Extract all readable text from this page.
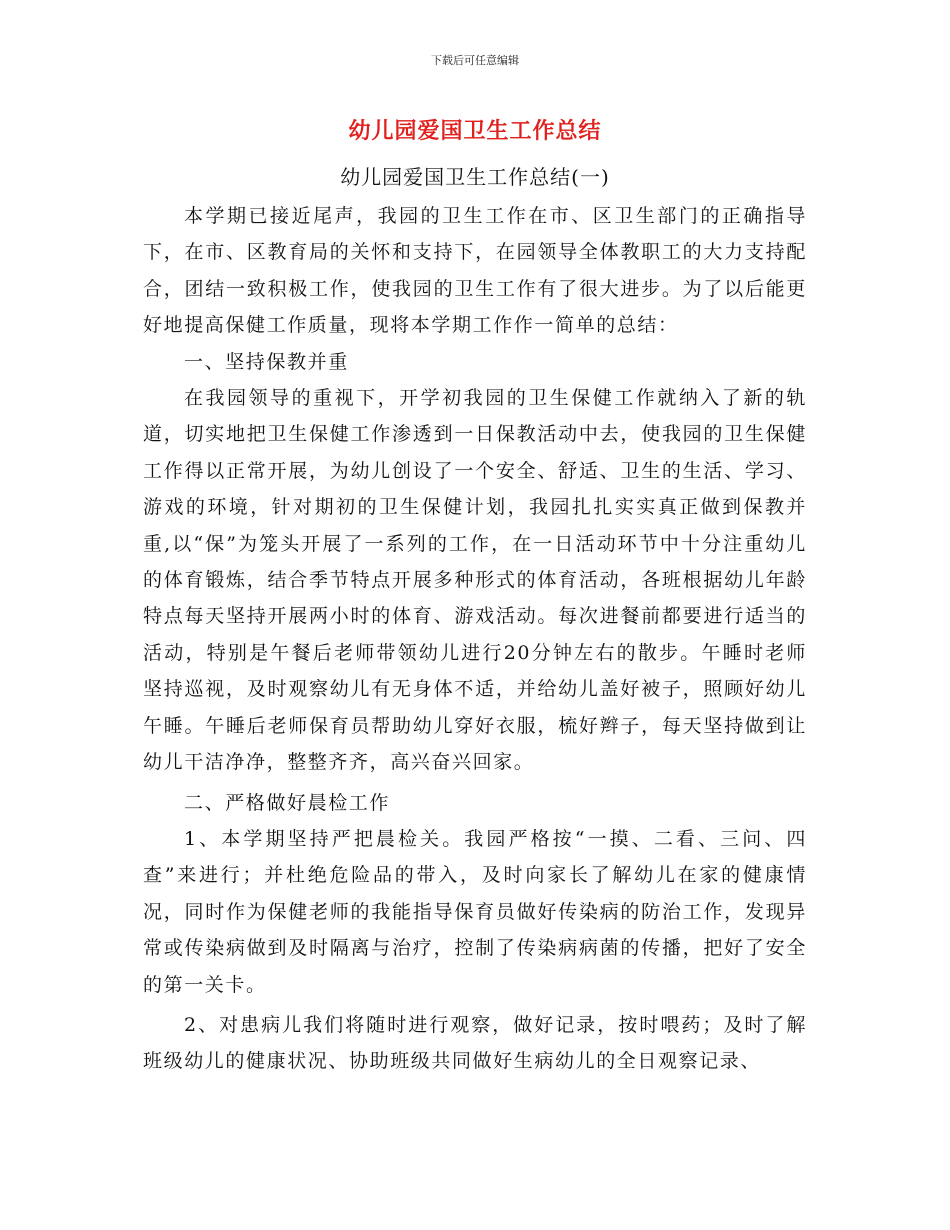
下载后可任意编辑
幼儿园爱国卫生工作总结
幼儿园爱国卫生工作总结(一)

本学期已接近尾声，我园的卫生工作在市、区卫生部门的正确指导下，在市、区教育局的关怀和支持下，在园领导全体教职工的大力支持配合，团结一致积极工作，使我园的卫生工作有了很大进步。为了以后能更好地提高保健工作质量，现将本学期工作作一简单的总结：

一、坚持保教并重

在我园领导的重视下，开学初我园的卫生保健工作就纳入了新的轨道，切实地把卫生保健工作渗透到一日保教活动中去，使我园的卫生保健工作得以正常开展，为幼儿创设了一个安全、舒适、卫生的生活、学习、游戏的环境，针对期初的卫生保健计划，我园扎扎实实真正做到保教并重,以“保”为笼头开展了一系列的工作，在一日活动环节中十分注重幼儿的体育锻炼，结合季节特点开展多种形式的体育活动，各班根据幼儿年龄特点每天坚持开展两小时的体育、游戏活动。每次进餐前都要进行适当的活动，特别是午餐后老师带领幼儿进行20分钟左右的散步。午睡时老师坚持巡视，及时观察幼儿有无身体不适，并给幼儿盖好被子，照顾好幼儿午睡。午睡后老师保育员帮助幼儿穿好衣服，梳好辫子，每天坚持做到让幼儿干洁净净，整整齐齐，高兴奋兴回家。

二、严格做好晨检工作

1、本学期坚持严把晨检关。我园严格按“一摸、二看、三问、四查”来进行；并杜绝危险品的带入，及时向家长了解幼儿在家的健康情况，同时作为保健老师的我能指导保育员做好传染病的防治工作，发现异常或传染病做到及时隔离与治疗，控制了传染病病菌的传播，把好了安全的第一关卡。

2、对患病儿我们将随时进行观察，做好记录，按时喂药；及时了解班级幼儿的健康状况、协助班级共同做好生病幼儿的全日观察记录、
